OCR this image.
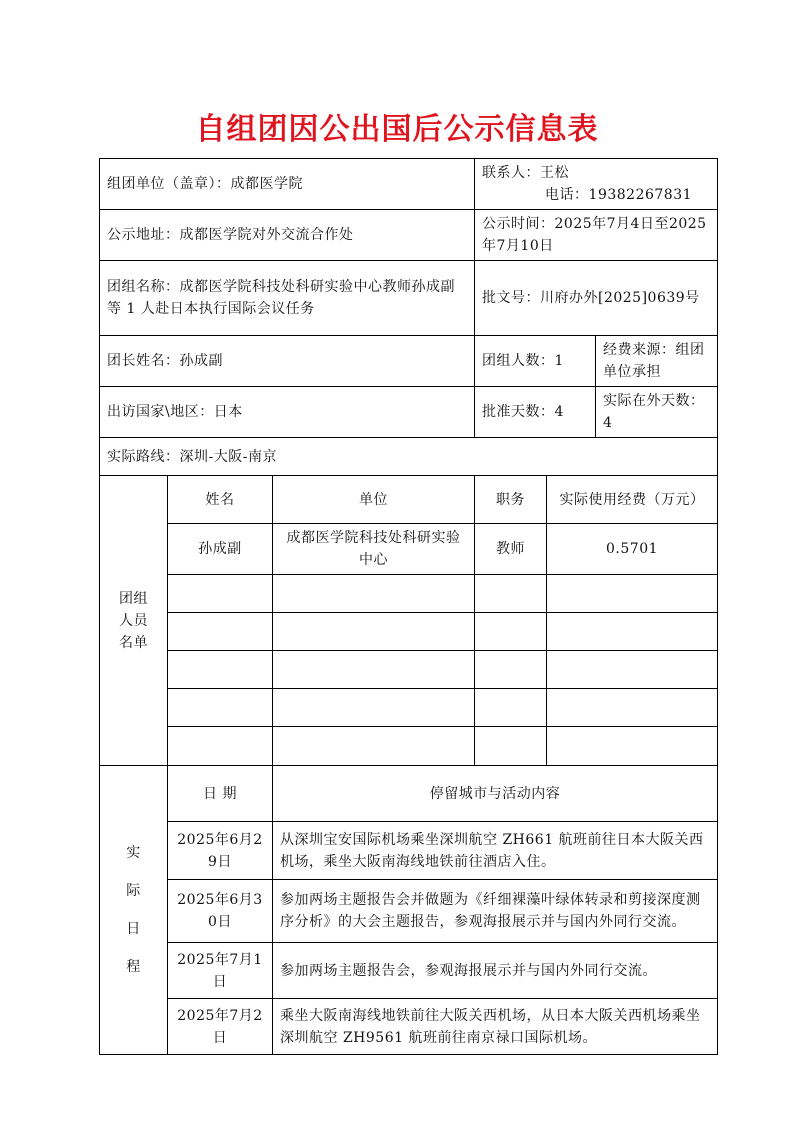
自组团因公出国后公示信息表
组团单位（盖章）：成都医学院			联系人：王松
电话：19382267831		

公示地址：成都医学院对外交流合作处			公示时间：2025年7月4日至2025年7月10日		
团组名称：成都医学院科技处科研实验中心教师孙成副等 1 人赴日本执行国际会议任务			批文号：川府办外[2025]0639号		
团长姓名：孙成副			团组人数：1		经费来源：组团单位承担
出访国家\地区：日本			批准天数：4		实际在外天数：4
实际路线：深圳-大阪-南京					

团组
人员
名单	姓名	单位	职务	实际使用经费（万元）	
	孙成副	成都医学院科技处科研实验中心	教师	0.5701	

实
际
日
程	日 期	停留城市与活动内容			
	2025年6月29日	从深圳宝安国际机场乘坐深圳航空 ZH661 航班前往日本大阪关西机场，乘坐大阪南海线地铁前往酒店入住。			
	2025年6月30日	参加两场主题报告会并做题为《纤细裸藻叶绿体转录和剪接深度测序分析》的大会主题报告，参观海报展示并与国内外同行交流。			
	2025年7月1日	参加两场主题报告会，参观海报展示并与国内外同行交流。			
	2025年7月2日	乘坐大阪南海线地铁前往大阪关西机场，从日本大阪关西机场乘坐深圳航空 ZH9561 航班前往南京禄口国际机场。			
